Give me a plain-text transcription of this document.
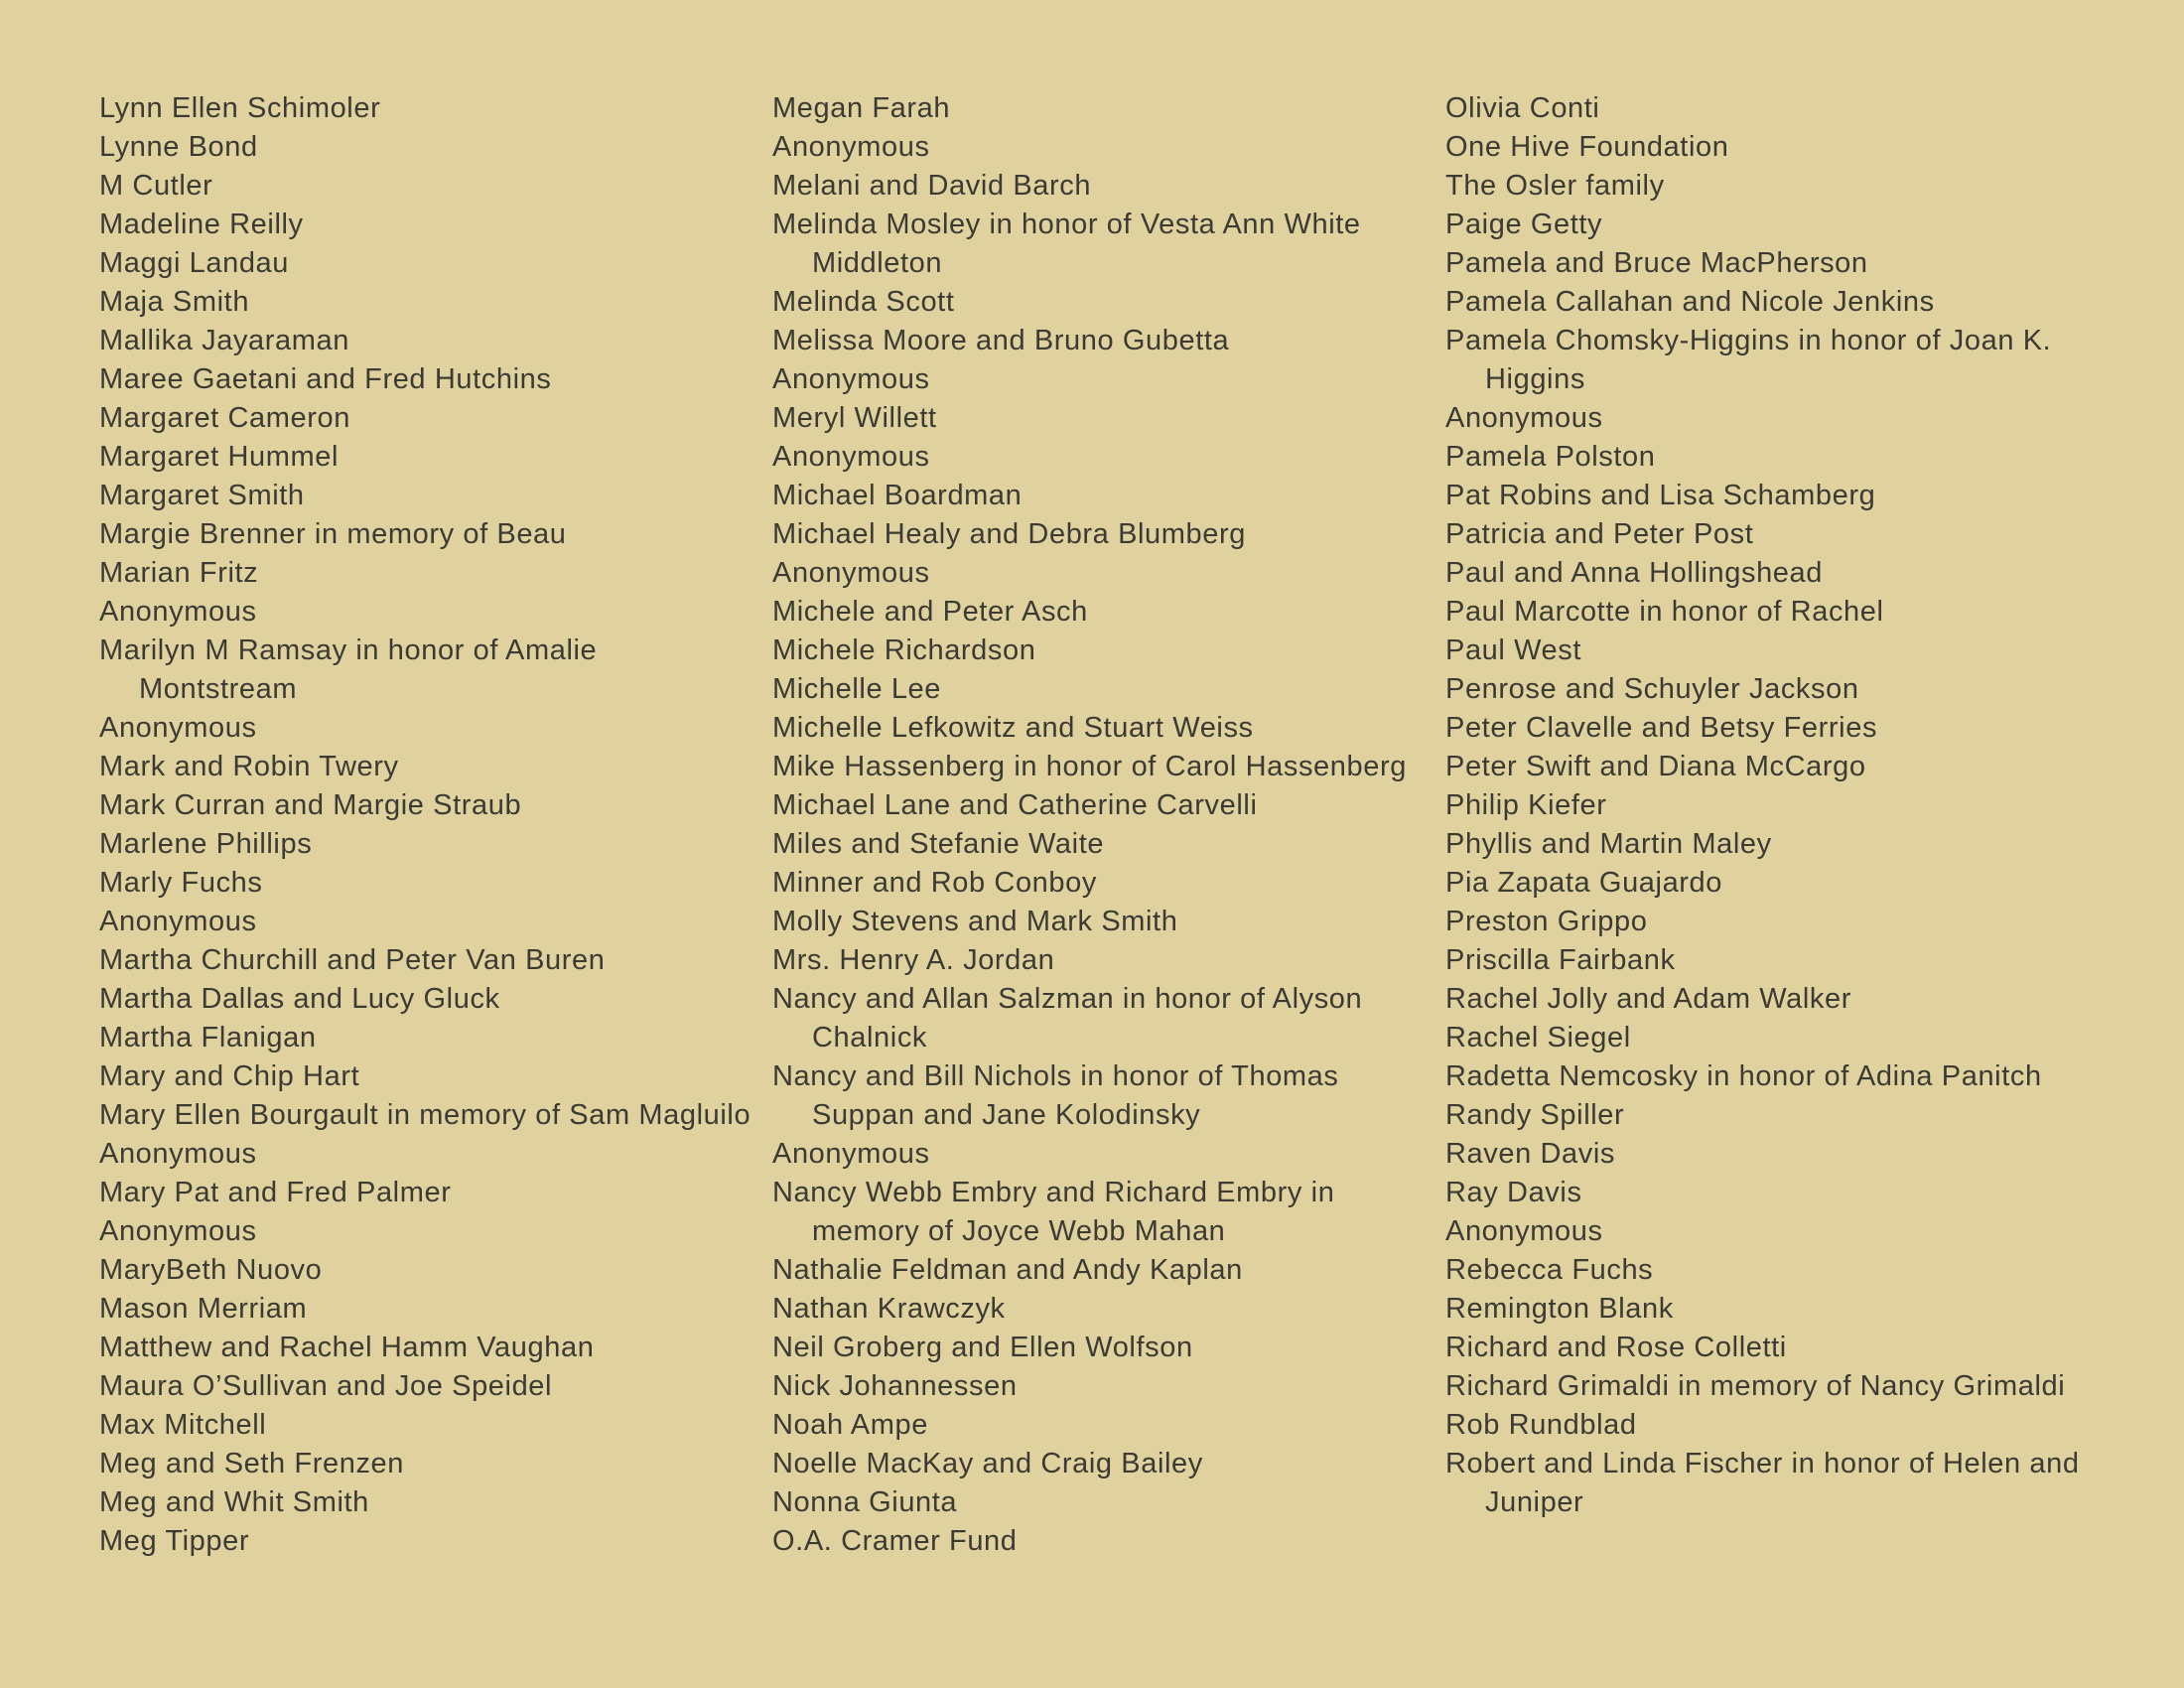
Lynn Ellen Schimoler
Lynne Bond
M Cutler
Madeline Reilly
Maggi Landau
Maja Smith
Mallika Jayaraman
Maree Gaetani and Fred Hutchins
Margaret Cameron
Margaret Hummel
Margaret Smith
Margie Brenner in memory of Beau
Marian Fritz
Anonymous
Marilyn M Ramsay in honor of Amalie Montstream
Anonymous
Mark and Robin Twery
Mark Curran and Margie Straub
Marlene Phillips
Marly Fuchs
Anonymous
Martha Churchill and Peter Van Buren
Martha Dallas and Lucy Gluck
Martha Flanigan
Mary and Chip Hart
Mary Ellen Bourgault in memory of Sam Magluilo
Anonymous
Mary Pat and Fred Palmer
Anonymous
MaryBeth Nuovo
Mason Merriam
Matthew and Rachel Hamm Vaughan
Maura O’Sullivan and Joe Speidel
Max Mitchell
Meg and Seth Frenzen
Meg and Whit Smith
Meg Tipper
Megan Farah
Anonymous
Melani and David Barch
Melinda Mosley in honor of Vesta Ann White Middleton
Melinda Scott
Melissa Moore and Bruno Gubetta
Anonymous
Meryl Willett
Anonymous
Michael Boardman
Michael Healy and Debra Blumberg
Anonymous
Michele and Peter Asch
Michele Richardson
Michelle Lee
Michelle Lefkowitz and Stuart Weiss
Mike Hassenberg in honor of Carol Hassenberg
Michael Lane and Catherine Carvelli
Miles and Stefanie Waite
Minner and Rob Conboy
Molly Stevens and Mark Smith
Mrs. Henry A. Jordan
Nancy and Allan Salzman in honor of Alyson Chalnick
Nancy and Bill Nichols in honor of Thomas Suppan and Jane Kolodinsky
Anonymous
Nancy Webb Embry and Richard Embry in memory of Joyce Webb Mahan
Nathalie Feldman and Andy Kaplan
Nathan Krawczyk
Neil Groberg and Ellen Wolfson
Nick Johannessen
Noah Ampe
Noelle MacKay and Craig Bailey
Nonna Giunta
O.A. Cramer Fund
Olivia Conti
One Hive Foundation
The Osler family
Paige Getty
Pamela and Bruce MacPherson
Pamela Callahan and Nicole Jenkins
Pamela Chomsky-Higgins in honor of Joan K. Higgins
Anonymous
Pamela Polston
Pat Robins and Lisa Schamberg
Patricia and Peter Post
Paul and Anna Hollingshead
Paul Marcotte in honor of Rachel
Paul West
Penrose and Schuyler Jackson
Peter Clavelle and Betsy Ferries
Peter Swift and Diana McCargo
Philip Kiefer
Phyllis and Martin Maley
Pia Zapata Guajardo
Preston Grippo
Priscilla Fairbank
Rachel Jolly and Adam Walker
Rachel Siegel
Radetta Nemcosky in honor of Adina Panitch
Randy Spiller
Raven Davis
Ray Davis
Anonymous
Rebecca Fuchs
Remington Blank
Richard and Rose Colletti
Richard Grimaldi in memory of Nancy Grimaldi
Rob Rundblad
Robert and Linda Fischer in honor of Helen and Juniper
